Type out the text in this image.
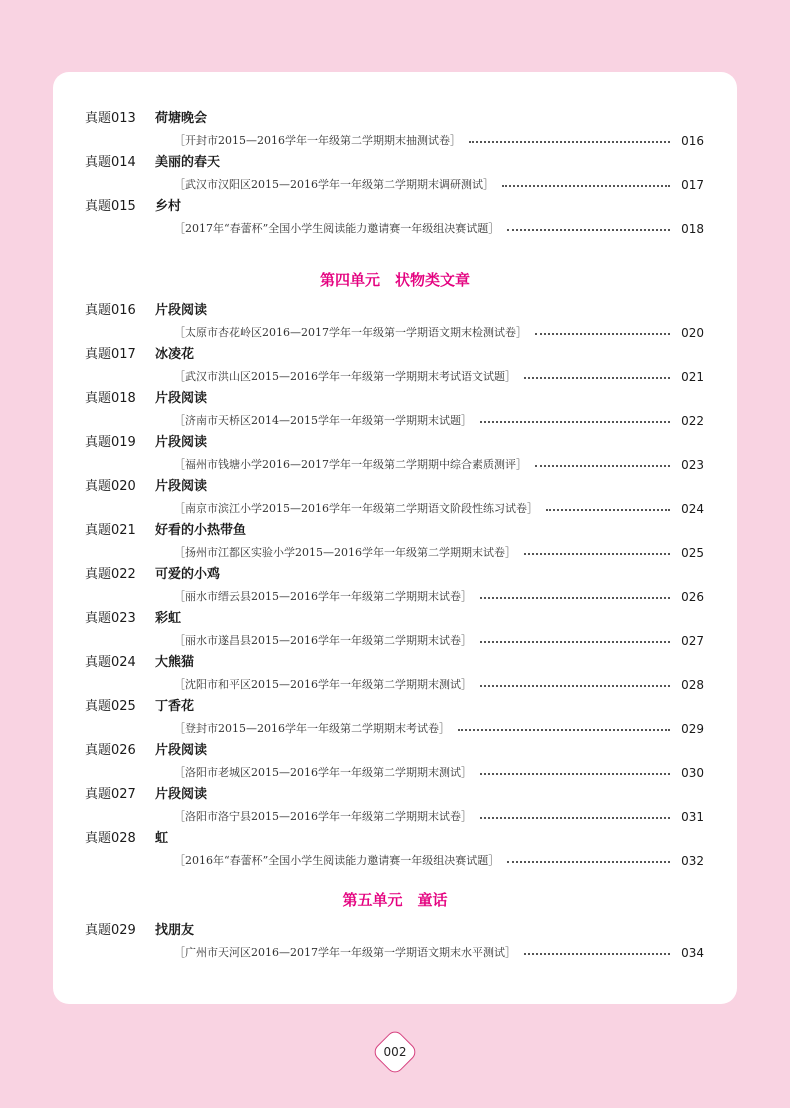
真题013	荷塘晚会
［开封市2015—2016学年一年级第二学期期末抽测试卷］	016
真题014	美丽的春天
［武汉市汉阳区2015—2016学年一年级第二学期期末调研测试］	017
真题015	乡村
［2017年“春蕾杯”全国小学生阅读能力邀请赛一年级组决赛试题］	018
第四单元　状物类文章
真题016	片段阅读
［太原市杏花岭区2016—2017学年一年级第一学期语文期末检测试卷］	020
真题017	冰凌花
［武汉市洪山区2015—2016学年一年级第一学期期末考试语文试题］	021
真题018	片段阅读
［济南市天桥区2014—2015学年一年级第一学期期末试题］	022
真题019	片段阅读
［福州市钱塘小学2016—2017学年一年级第二学期期中综合素质测评］	023
真题020	片段阅读
［南京市滨江小学2015—2016学年一年级第二学期语文阶段性练习试卷］	024
真题021	好看的小热带鱼
［扬州市江都区实验小学2015—2016学年一年级第二学期期末试卷］	025
真题022	可爱的小鸡
［丽水市缙云县2015—2016学年一年级第二学期期末试卷］	026
真题023	彩虹
［丽水市遂昌县2015—2016学年一年级第二学期期末试卷］	027
真题024	大熊猫
［沈阳市和平区2015—2016学年一年级第二学期期末测试］	028
真题025	丁香花
［登封市2015—2016学年一年级第二学期期末考试卷］	029
真题026	片段阅读
［洛阳市老城区2015—2016学年一年级第二学期期末测试］	030
真题027	片段阅读
［洛阳市洛宁县2015—2016学年一年级第二学期期末试卷］	031
真题028	虹
［2016年“春蕾杯”全国小学生阅读能力邀请赛一年级组决赛试题］	032
第五单元　童话
真题029	找朋友
［广州市天河区2016—2017学年一年级第一学期语文期末水平测试］	034
002
